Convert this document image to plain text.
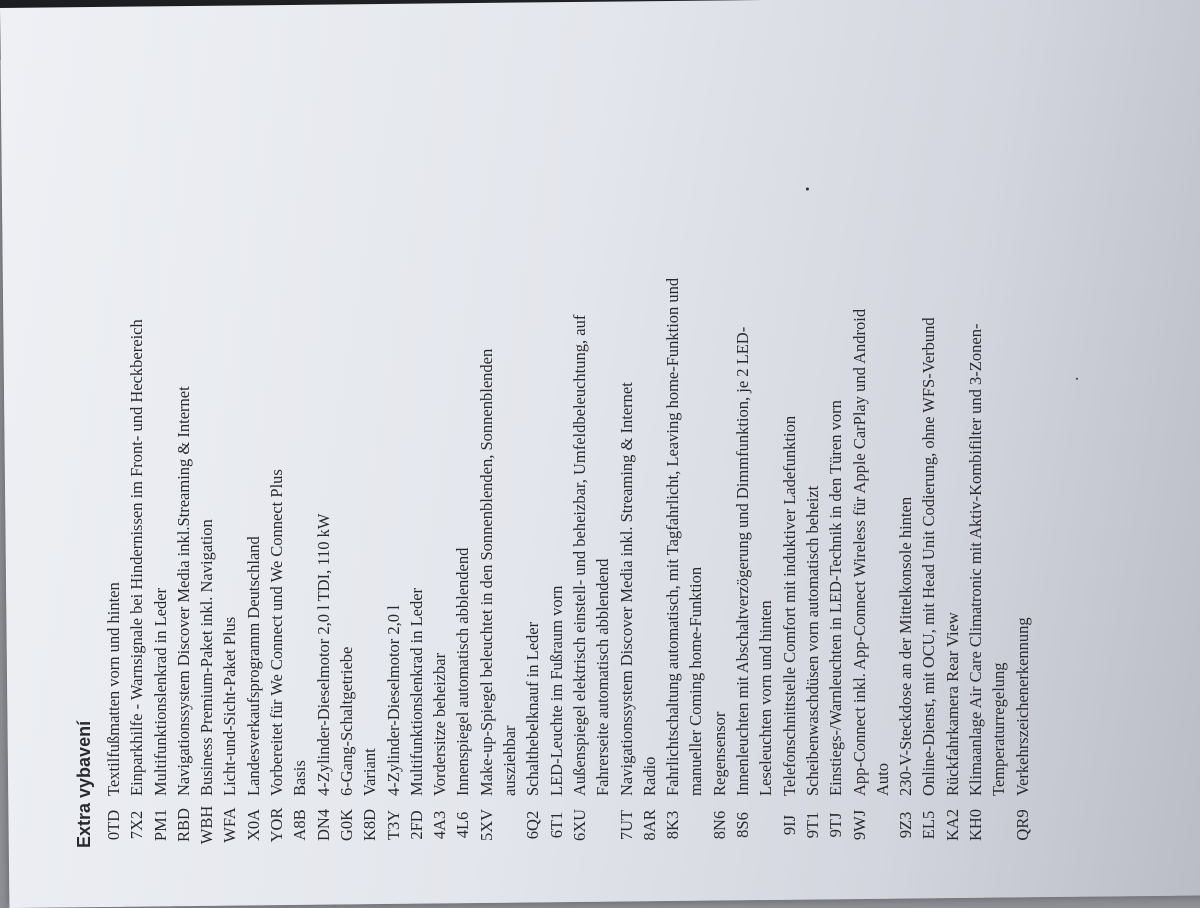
Extra vybavení 0TD
Textilfußmatten vorn und hinten
7X2
Einparkhilfe - Warnsignale bei Hindernissen im Front- und Heckbereich
PM1
Multifunktionslenkrad in Leder
RBD
Navigationssystem Discover Media inkl.Streaming & Internet
WBH
Business Premium-Paket inkl. Navigation
WFA
Licht-und-Sicht-Paket Plus
X0A
Landesverkaufsprogramm Deutschland
YOR
Vorbereitet für We Connect und We Connect Plus
A8B
Basis
DN4
4-Zylinder-Dieselmotor 2,0 l TDI, 110 kW
G0K
6-Gang-Schaltgetriebe
K8D
Variant
T3Y
4-Zylinder-Dieselmotor 2,0 l
2FD
Multifunktionslenkrad in Leder
4A3
Vordersitze beheizbar
4L6
Innenspiegel automatisch abblendend
5XV
Make-up-Spiegel beleuchtet in den Sonnenblenden, Sonnenblenden
ausziehbar
6Q2
Schalthebelknauf in Leder
6T1
LED-Leuchte im Fußraum vorn
6XU
Außenspiegel elektrisch einstell- und beheizbar, Umfeldbeleuchtung, auf
Fahrerseite automatisch abblendend
7UT
Navigationssystem Discover Media inkl. Streaming & Internet
8AR
Radio
8K3
Fahrlichtschaltung automatisch, mit Tagfahrlicht, Leaving home-Funktion und
manueller Coming home-Funktion
8N6
Regensensor
8S6
Innenleuchten mit Abschaltverzögerung und Dimmfunktion, je 2 LED-
Leseleuchten vorn und hinten
9IJ
Telefonschnittstelle Comfort mit induktiver Ladefunktion
9T1
Scheibenwaschdüsen vorn automatisch beheizt
9TJ
Einstiegs-/Warnleuchten in LED-Technik in den Türen vorn
9WJ
App-Connect inkl. App-Connect Wireless für Apple CarPlay und Android
Auto
9Z3
230-V-Steckdose an der Mittelkonsole hinten
EL5
Online-Dienst, mit OCU, mit Head Unit Codierung, ohne WFS-Verbund
KA2
Rückfahrkamera Rear View
KH0
Klimaanlage Air Care Climatronic mit Aktiv-Kombifilter und 3-Zonen-
Temperaturregelung
QR9
Verkehrszeichenerkennung
